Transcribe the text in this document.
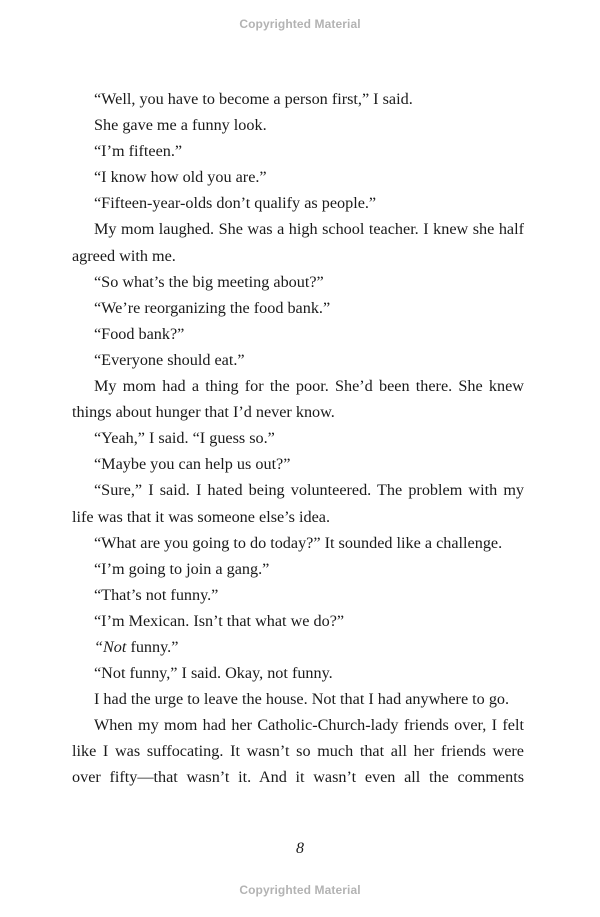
Copyrighted Material

“Well, you have to become a person first,” I said.

She gave me a funny look.

“I’m fifteen.”

“I know how old you are.”

“Fifteen-year-olds don’t qualify as people.”

My mom laughed. She was a high school teacher. I knew she half agreed with me.

“So what’s the big meeting about?”

“We’re reorganizing the food bank.”

“Food bank?”

“Everyone should eat.”

My mom had a thing for the poor. She’d been there. She knew things about hunger that I’d never know.

“Yeah,” I said. “I guess so.”

“Maybe you can help us out?”

“Sure,” I said. I hated being volunteered. The problem with my life was that it was someone else’s idea.

“What are you going to do today?” It sounded like a challenge.

“I’m going to join a gang.”

“That’s not funny.”

“I’m Mexican. Isn’t that what we do?”

“Not funny.”

“Not funny,” I said. Okay, not funny.

I had the urge to leave the house. Not that I had anywhere to go.

When my mom had her Catholic-Church-lady friends over, I felt like I was suffocating. It wasn’t so much that all her friends were over fifty—that wasn’t it. And it wasn’t even all the comments

8
Copyrighted Material
